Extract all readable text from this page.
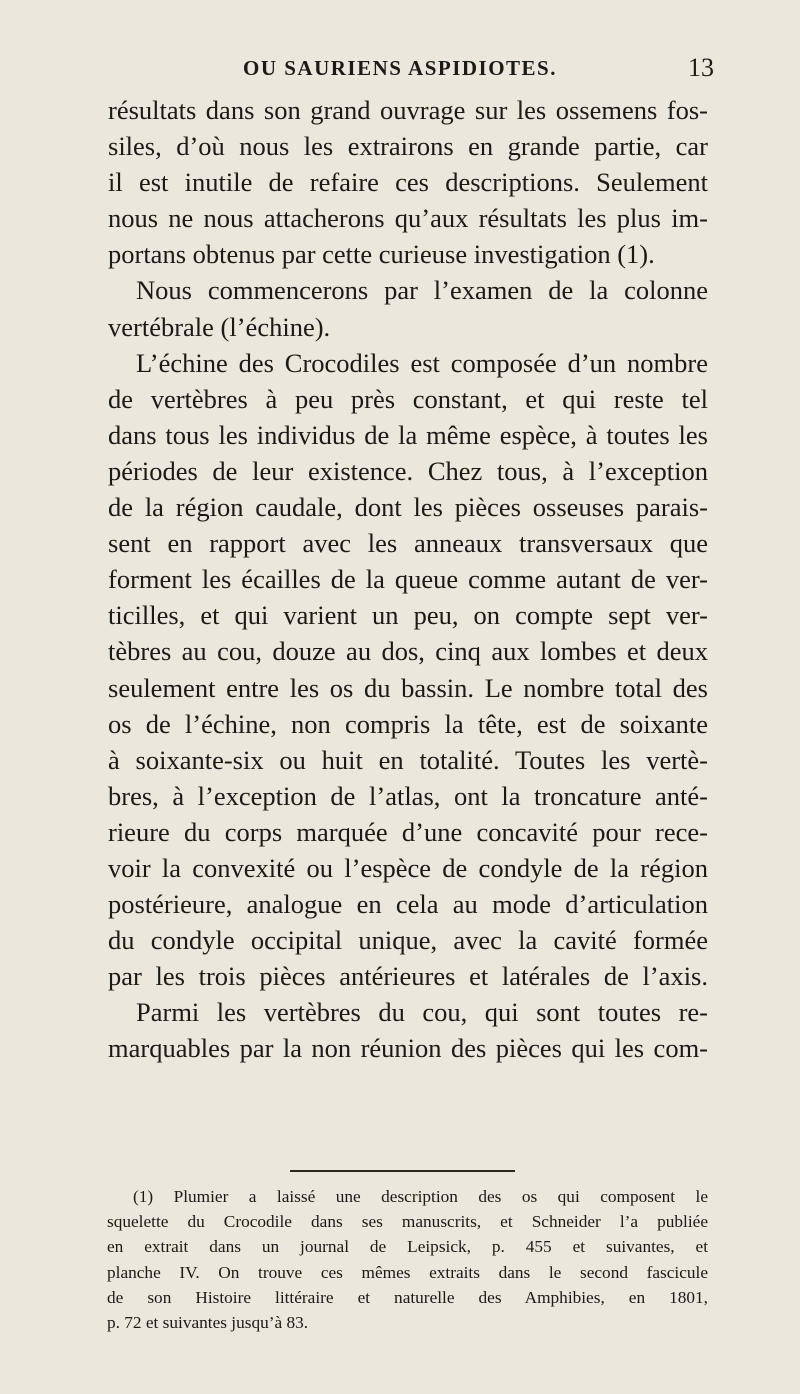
OU SAURIENS ASPIDIOTES.	13
résultats dans son grand ouvrage sur les ossemens fos-
siles, d’où nous les extrairons en grande partie, car
il est inutile de refaire ces descriptions. Seulement
nous ne nous attacherons qu’aux résultats les plus im-
portans obtenus par cette curieuse investigation (1).
Nous commencerons par l’examen de la colonne
vertébrale (l’échine).
L’échine des Crocodiles est composée d’un nombre
de vertèbres à peu près constant, et qui reste tel
dans tous les individus de la même espèce, à toutes les
périodes de leur existence. Chez tous, à l’exception
de la région caudale, dont les pièces osseuses parais-
sent en rapport avec les anneaux transversaux que
forment les écailles de la queue comme autant de ver-
ticilles, et qui varient un peu, on compte sept ver-
tèbres au cou, douze au dos, cinq aux lombes et deux
seulement entre les os du bassin. Le nombre total des
os de l’échine, non compris la tête, est de soixante
à soixante-six ou huit en totalité. Toutes les vertè-
bres, à l’exception de l’atlas, ont la troncature anté-
rieure du corps marquée d’une concavité pour rece-
voir la convexité ou l’espèce de condyle de la région
postérieure, analogue en cela au mode d’articulation
du condyle occipital unique, avec la cavité formée
par les trois pièces antérieures et latérales de l’axis.
Parmi les vertèbres du cou, qui sont toutes re-
marquables par la non réunion des pièces qui les com-
(1) Plumier a laissé une description des os qui composent le
squelette du Crocodile dans ses manuscrits, et Schneider l’a publiée
en extrait dans un journal de Leipsick, p. 455 et suivantes, et
planche IV. On trouve ces mêmes extraits dans le second fascicule
de son Histoire littéraire et naturelle des Amphibies, en 1801,
p. 72 et suivantes jusqu’à 83.
